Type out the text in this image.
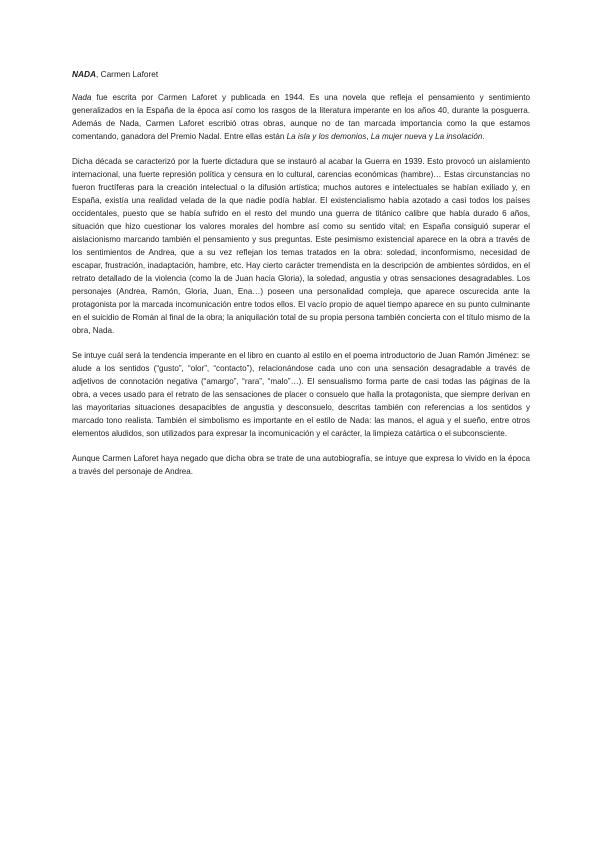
NADA, Carmen Laforet

Nada fue escrita por Carmen Laforet y publicada en 1944. Es una novela que refleja el pensamiento y sentimiento generalizados en la España de la época así como los rasgos de la literatura imperante en los años 40, durante la posguerra. Además de Nada, Carmen Laforet escribió otras obras, aunque no de tan marcada importancia como la que estamos comentando, ganadora del Premio Nadal. Entre ellas están La isla y los demonios, La mujer nueva y La insolación.

Dicha década se caracterizó por la fuerte dictadura que se instauró al acabar la Guerra en 1939. Esto provocó un aislamiento internacional, una fuerte represión política y censura en lo cultural, carencias económicas (hambre)… Estas circunstancias no fueron fructíferas para la creación intelectual o la difusión artística; muchos autores e intelectuales se habían exiliado y, en España, existía una realidad velada de la que nadie podía hablar. El existencialismo había azotado a casi todos los países occidentales, puesto que se había sufrido en el resto del mundo una guerra de titánico calibre que había durado 6 años, situación que hizo cuestionar los valores morales del hombre así como su sentido vital; en España consiguió superar el aislacionismo marcando también el pensamiento y sus preguntas. Este pesimismo existencial aparece en la obra a través de los sentimientos de Andrea, que a su vez reflejan los temas tratados en la obra: soledad, inconformismo, necesidad de escapar, frustración, inadaptación, hambre, etc. Hay cierto carácter tremendista en la descripción de ambientes sórdidos, en el retrato detallado de la violencia (como la de Juan hacia Gloria), la soledad, angustia y otras sensaciones desagradables. Los personajes (Andrea, Ramón, Gloria, Juan, Ena…) poseen una personalidad compleja, que aparece oscurecida ante la protagonista por la marcada incomunicación entre todos ellos. El vacío propio de aquel tiempo aparece en su punto culminante en el suicidio de Román al final de la obra; la aniquilación total de su propia persona también concierta con el título mismo de la obra, Nada.

Se intuye cuál será la tendencia imperante en el libro en cuanto al estilo en el poema introductorio de Juan Ramón Jiménez: se alude a los sentidos (“gusto”, “olor”, “contacto”), relacionándose cada uno con una sensación desagradable a través de adjetivos de connotación negativa (“amargo”, “rara”, “malo”…). El sensualismo forma parte de casi todas las páginas de la obra, a veces usado para el retrato de las sensaciones de placer o consuelo que halla la protagonista, que siempre derivan en las mayoritarias situaciones desapacibles de angustia y desconsuelo, descritas también con referencias a los sentidos y marcado tono realista. También el simbolismo es importante en el estilo de Nada: las manos, el agua y el sueño, entre otros elementos aludidos, son utilizados para expresar la incomunicación y el carácter, la limpieza catártica o el subconsciente.

Aunque Carmen Laforet haya negado que dicha obra se trate de una autobiografía, se intuye que expresa lo vivido en la época a través del personaje de Andrea.
